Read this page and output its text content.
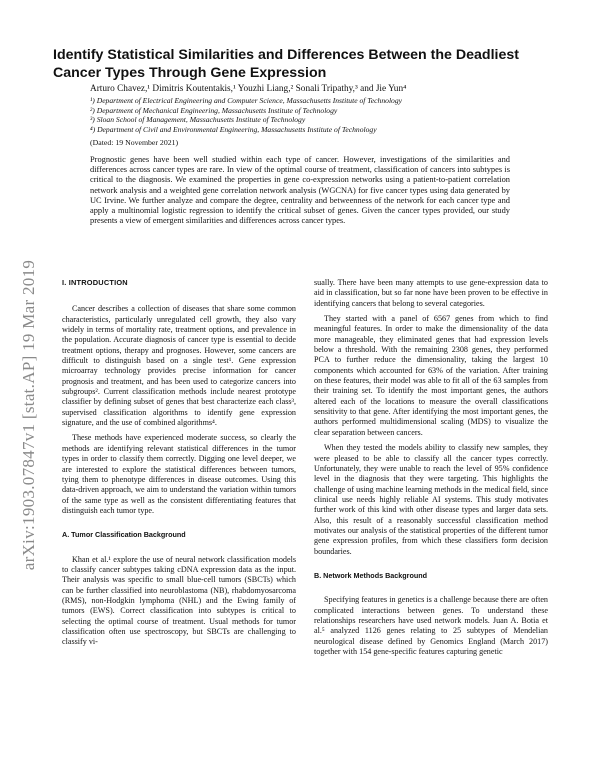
arXiv:1903.07847v1 [stat.AP] 19 Mar 2019
Identify Statistical Similarities and Differences Between the Deadliest Cancer Types Through Gene Expression
Arturo Chavez,¹ Dimitris Koutentakis,¹ Youzhi Liang,² Sonali Tripathy,³ and Jie Yun⁴
¹) Department of Electrical Engineering and Computer Science, Massachusetts Institute of Technology
²) Department of Mechanical Engineering, Massachusetts Institute of Technology
³) Sloan School of Management, Massachusetts Institute of Technology
⁴) Department of Civil and Environmental Engineering, Massachusetts Institute of Technology
(Dated: 19 November 2021)

Prognostic genes have been well studied within each type of cancer. However, investigations of the similarities and differences across cancer types are rare. In view of the optimal course of treatment, classification of cancers into subtypes is critical to the diagnosis. We examined the properties in gene co-expression networks using a patient-to-patient correlation network analysis and a weighted gene correlation network analysis (WGCNA) for five cancer types using data generated by UC Irvine. We further analyze and compare the degree, centrality and betweenness of the network for each cancer type and apply a multinomial logistic regression to identify the critical subset of genes. Given the cancer types provided, our study presents a view of emergent similarities and differences across cancer types.

I. INTRODUCTION

Cancer describes a collection of diseases that share some common characteristics, particularly unregulated cell growth, they also vary widely in terms of mortality rate, treatment options, and prevalence in the population. Accurate diagnosis of cancer type is essential to decide treatment options, therapy and prognoses. However, some cancers are difficult to distinguish based on a single test¹. Gene expression microarray technology provides precise information for cancer prognosis and treatment, and has been used to categorize cancers into subgroups². Current classification methods include nearest prototype classifier by defining subset of genes that best characterize each class³, supervised classification algorithms to identify gene expression signature, and the use of combined algorithms⁴.

These methods have experienced moderate success, so clearly the methods are identifying relevant statistical differences in the tumor types in order to classify them correctly. Digging one level deeper, we are interested to explore the statistical differences between tumors, tying them to phenotype differences in disease outcomes. Using this data-driven approach, we aim to understand the variation within tumors of the same type as well as the consistent differentiating features that distinguish each tumor type.

A. Tumor Classification Background

Khan et al.¹ explore the use of neural network classification models to classify cancer subtypes taking cDNA expression data as the input. Their analysis was specific to small blue-cell tumors (SBCTs) which can be further classified into neuroblastoma (NB), rhabdomyosarcoma (RMS), non-Hodgkin lymphoma (NHL) and the Ewing family of tumors (EWS). Correct classification into subtypes is critical to selecting the optimal course of treatment. Usual methods for tumor classification often use spectroscopy, but SBCTs are challenging to classify vi-

sually. There have been many attempts to use gene-expression data to aid in classification, but so far none have been proven to be effective in identifying cancers that belong to several categories.

They started with a panel of 6567 genes from which to find meaningful features. In order to make the dimensionality of the data more manageable, they eliminated genes that had expression levels below a threshold. With the remaining 2308 genes, they performed PCA to further reduce the dimensionality, taking the largest 10 components which accounted for 63% of the variation. After training on these features, their model was able to fit all of the 63 samples from their training set. To identify the most important genes, the authors altered each of the locations to measure the overall classifications sensitivity to that gene. After identifying the most important genes, the authors performed multidimensional scaling (MDS) to visualize the clear separation between cancers.

When they tested the models ability to classify new samples, they were pleased to be able to classify all the cancer types correctly. Unfortunately, they were unable to reach the level of 95% confidence level in the diagnosis that they were targeting. This highlights the challenge of using machine learning methods in the medical field, since clinical use needs highly reliable AI systems. This study motivates further work of this kind with other disease types and larger data sets. Also, this result of a reasonably successful classification method motivates our analysis of the statistical properties of the different tumor gene expression profiles, from which these classifiers form decision boundaries.

B. Network Methods Background

Specifying features in genetics is a challenge because there are often complicated interactions between genes. To understand these relationships researchers have used network models. Juan A. Botia et al.⁵ analyzed 1126 genes relating to 25 subtypes of Mendelian neurological disease defined by Genomics England (March 2017) together with 154 gene-specific features capturing genetic
